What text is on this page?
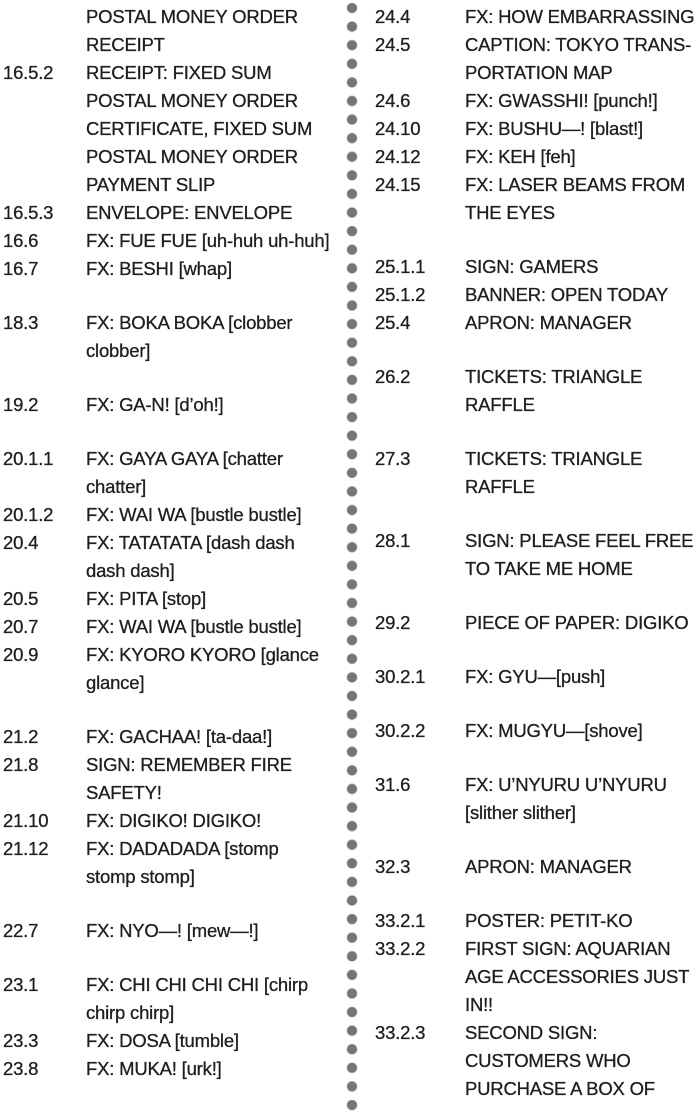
POSTAL MONEY ORDER
RECEIPT
16.5.2	RECEIPT: FIXED SUM
POSTAL MONEY ORDER
CERTIFICATE, FIXED SUM
POSTAL MONEY ORDER
PAYMENT SLIP
16.5.3	ENVELOPE: ENVELOPE
16.6	FX: FUE FUE [uh-huh uh-huh]
16.7	FX: BESHI [whap]
18.3	FX: BOKA BOKA [clobber
clobber]
19.2	FX: GA-N! [d’oh!]
20.1.1	FX: GAYA GAYA [chatter
chatter]
20.1.2	FX: WAI WA [bustle bustle]
20.4	FX: TATATATA [dash dash
dash dash]
20.5	FX: PITA [stop]
20.7	FX: WAI WA [bustle bustle]
20.9	FX: KYORO KYORO [glance
glance]
21.2	FX: GACHAA! [ta-daa!]
21.8	SIGN: REMEMBER FIRE
SAFETY!
21.10	FX: DIGIKO! DIGIKO!
21.12	FX: DADADADA [stomp
stomp stomp]
22.7	FX: NYO—! [mew—!]
23.1	FX: CHI CHI CHI CHI [chirp
chirp chirp]
23.3	FX: DOSA [tumble]
23.8	FX: MUKA! [urk!]
24.4	FX: HOW EMBARRASSING
24.5	CAPTION: TOKYO TRANS-
PORTATION MAP
24.6	FX: GWASSHI! [punch!]
24.10	FX: BUSHU—! [blast!]
24.12	FX: KEH [feh]
24.15	FX: LASER BEAMS FROM
THE EYES
25.1.1	SIGN: GAMERS
25.1.2	BANNER: OPEN TODAY
25.4	APRON: MANAGER
26.2	TICKETS: TRIANGLE
RAFFLE
27.3	TICKETS: TRIANGLE
RAFFLE
28.1	SIGN: PLEASE FEEL FREE
TO TAKE ME HOME
29.2	PIECE OF PAPER: DIGIKO
30.2.1	FX: GYU—[push]
30.2.2	FX: MUGYU—[shove]
31.6	FX: U’NYURU U’NYURU
[slither slither]
32.3	APRON: MANAGER
33.2.1	POSTER: PETIT-KO
33.2.2	FIRST SIGN: AQUARIAN
AGE ACCESSORIES JUST
IN!!
33.2.3	SECOND SIGN:
CUSTOMERS WHO
PURCHASE A BOX OF
